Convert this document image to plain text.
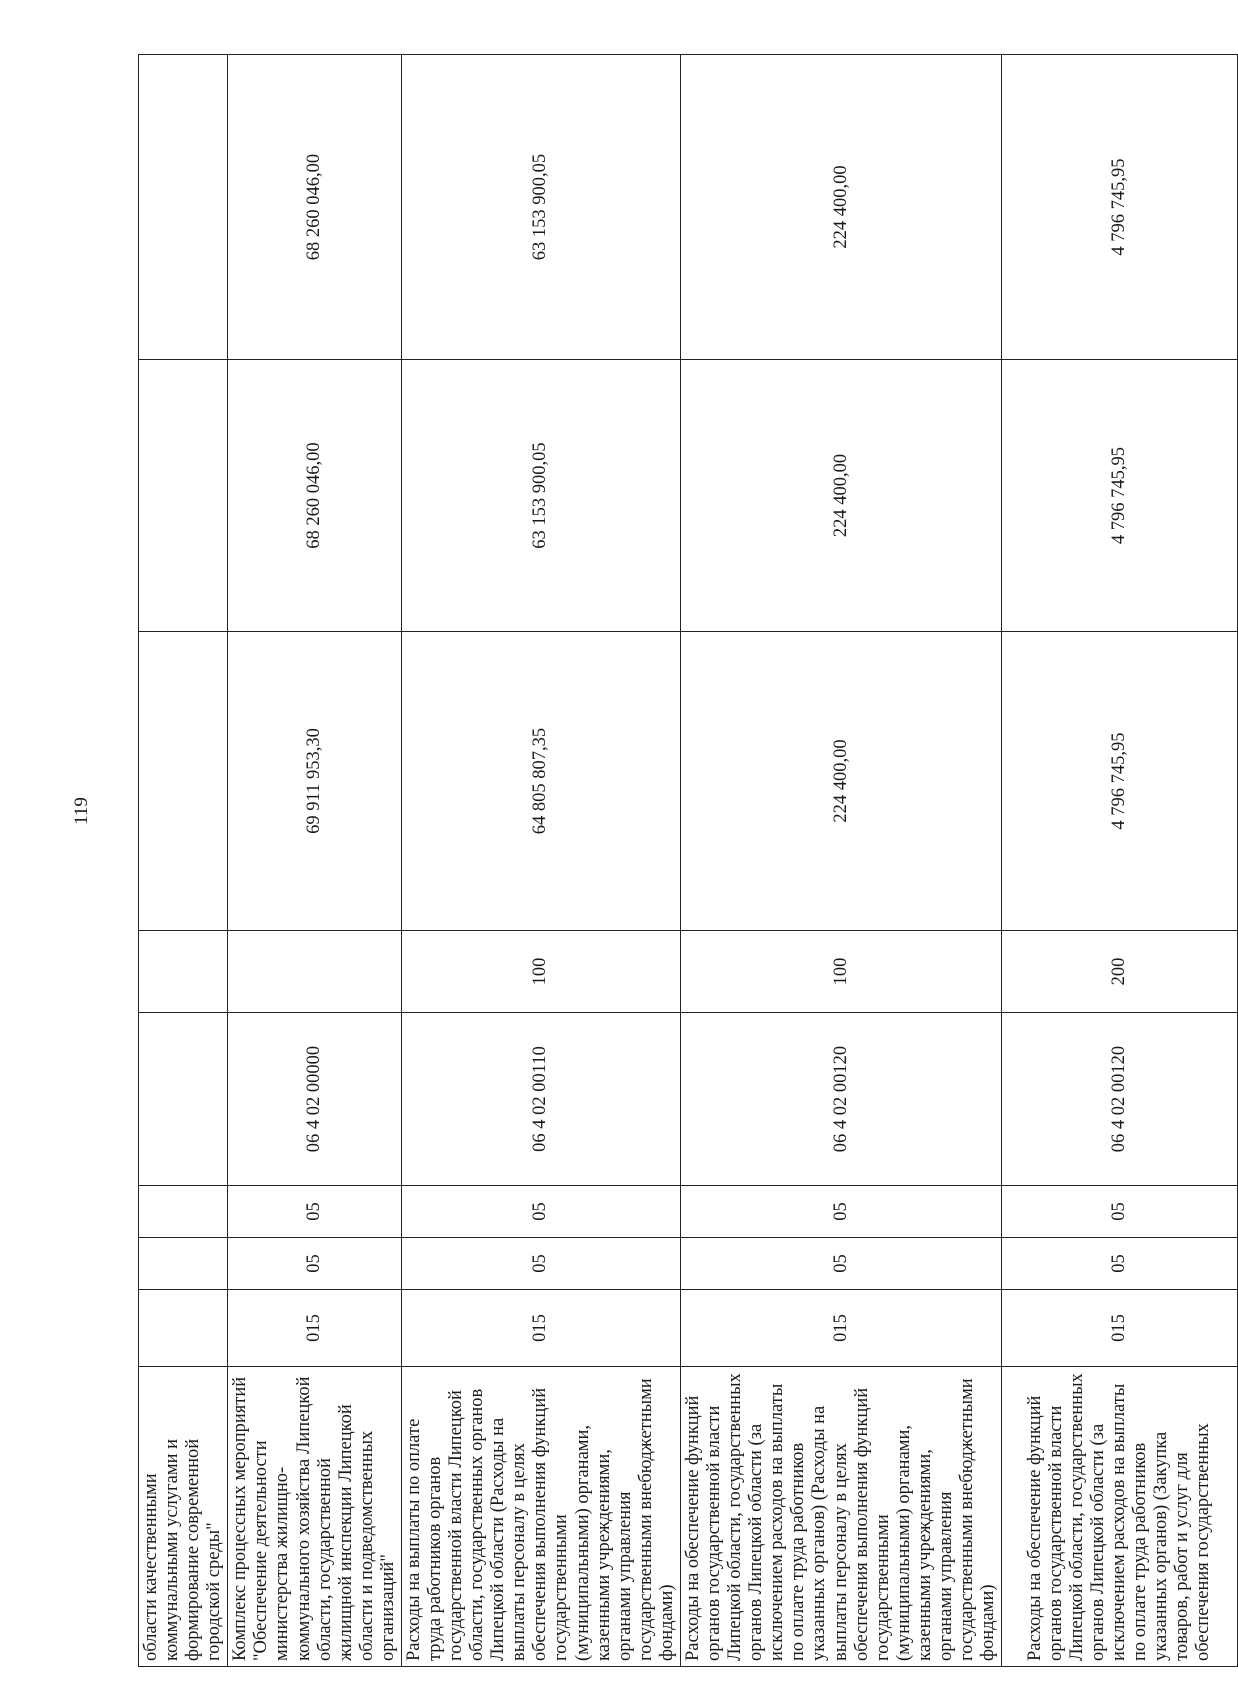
119
области качественными коммунальными услугами и формирование современной городской среды"								
Комплекс процессных мероприятий "Обеспечение деятельности министерства жилищно-коммунального хозяйства Липецкой области, государственной жилищной инспекции Липецкой области и подведомственных организаций"	015	05	05	06 4 02 00000		69 911 953,30	68 260 046,00	68 260 046,00
Расходы на выплаты по оплате труда работников органов государственной власти Липецкой области, государственных органов Липецкой области (Расходы на выплаты персоналу в целях обеспечения выполнения функций государственными (муниципальными) органами, казенными учреждениями, органами управления государственными внебюджетными фондами)	015	05	05	06 4 02 00110	100	64 805 807,35	63 153 900,05	63 153 900,05
Расходы на обеспечение функций органов государственной власти Липецкой области, государственных органов Липецкой области (за исключением расходов на выплаты по оплате труда работников указанных органов) (Расходы на выплаты персоналу в целях обеспечения выполнения функций государственными (муниципальными) органами, казенными учреждениями, органами управления государственными внебюджетными фондами)	015	05	05	06 4 02 00120	100	224 400,00	224 400,00	224 400,00
Расходы на обеспечение функций органов государственной власти Липецкой области, государственных органов Липецкой области (за исключением расходов на выплаты по оплате труда работников указанных органов) (Закупка товаров, работ и услуг для обеспечения государственных	015	05	05	06 4 02 00120	200	4 796 745,95	4 796 745,95	4 796 745,95
